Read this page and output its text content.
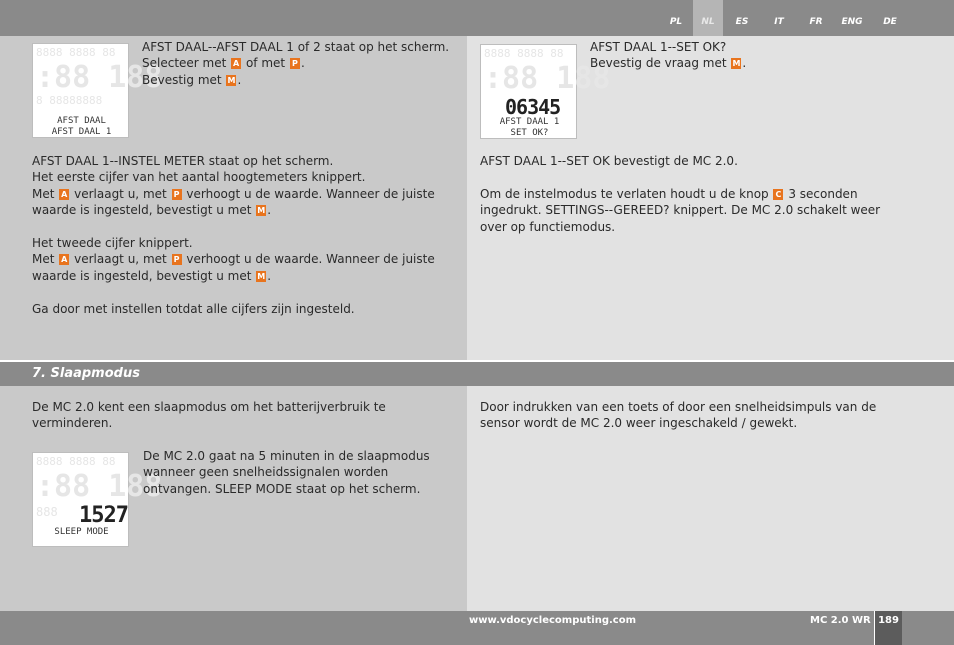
PL	NL	ES	IT	FR	ENG	DE
7. Slaapmodus
8888 8888 88
:88 188
8 88888888
AFST DAAL
AFST DAAL 1
AFST DAAL--AFST DAAL 1 of 2 staat op het scherm.
Selecteer met A of met P .
Bevestig met M .
AFST DAAL 1--INSTEL METER staat op het scherm.
Het eerste cijfer van het aantal hoogtemeters knippert.
Met A verlaagt u, met P verhoogt u de waarde. Wanneer de juiste
waarde is ingesteld, bevestigt u met M .
Het tweede cijfer knippert.
Met A verlaagt u, met P verhoogt u de waarde. Wanneer de juiste
waarde is ingesteld, bevestigt u met M .
Ga door met instellen totdat alle cijfers zijn ingesteld.
8888 8888 88
:88 188
06345
AFST DAAL 1
SET OK?
AFST DAAL 1--SET OK?
Bevestig de vraag met M .
AFST DAAL 1--SET OK bevestigt de MC 2.0.
Om de instelmodus te verlaten houdt u de knop C 3 seconden
ingedrukt. SETTINGS--GEREED? knippert. De MC 2.0 schakelt weer
over op functiemodus.
De MC 2.0 kent een slaapmodus om het batterijverbruik te
verminderen.
8888 8888 88
:88 188
888 1527
SLEEP MODE
De MC 2.0 gaat na 5 minuten in de slaapmodus
wanneer geen snelheidssignalen worden
ontvangen. SLEEP MODE staat op het scherm.
Door indrukken van een toets of door een snelheidsimpuls van de
sensor wordt de MC 2.0 weer ingeschakeld / gewekt.
www.vdocyclecomputing.com	MC 2.0 WR 189
